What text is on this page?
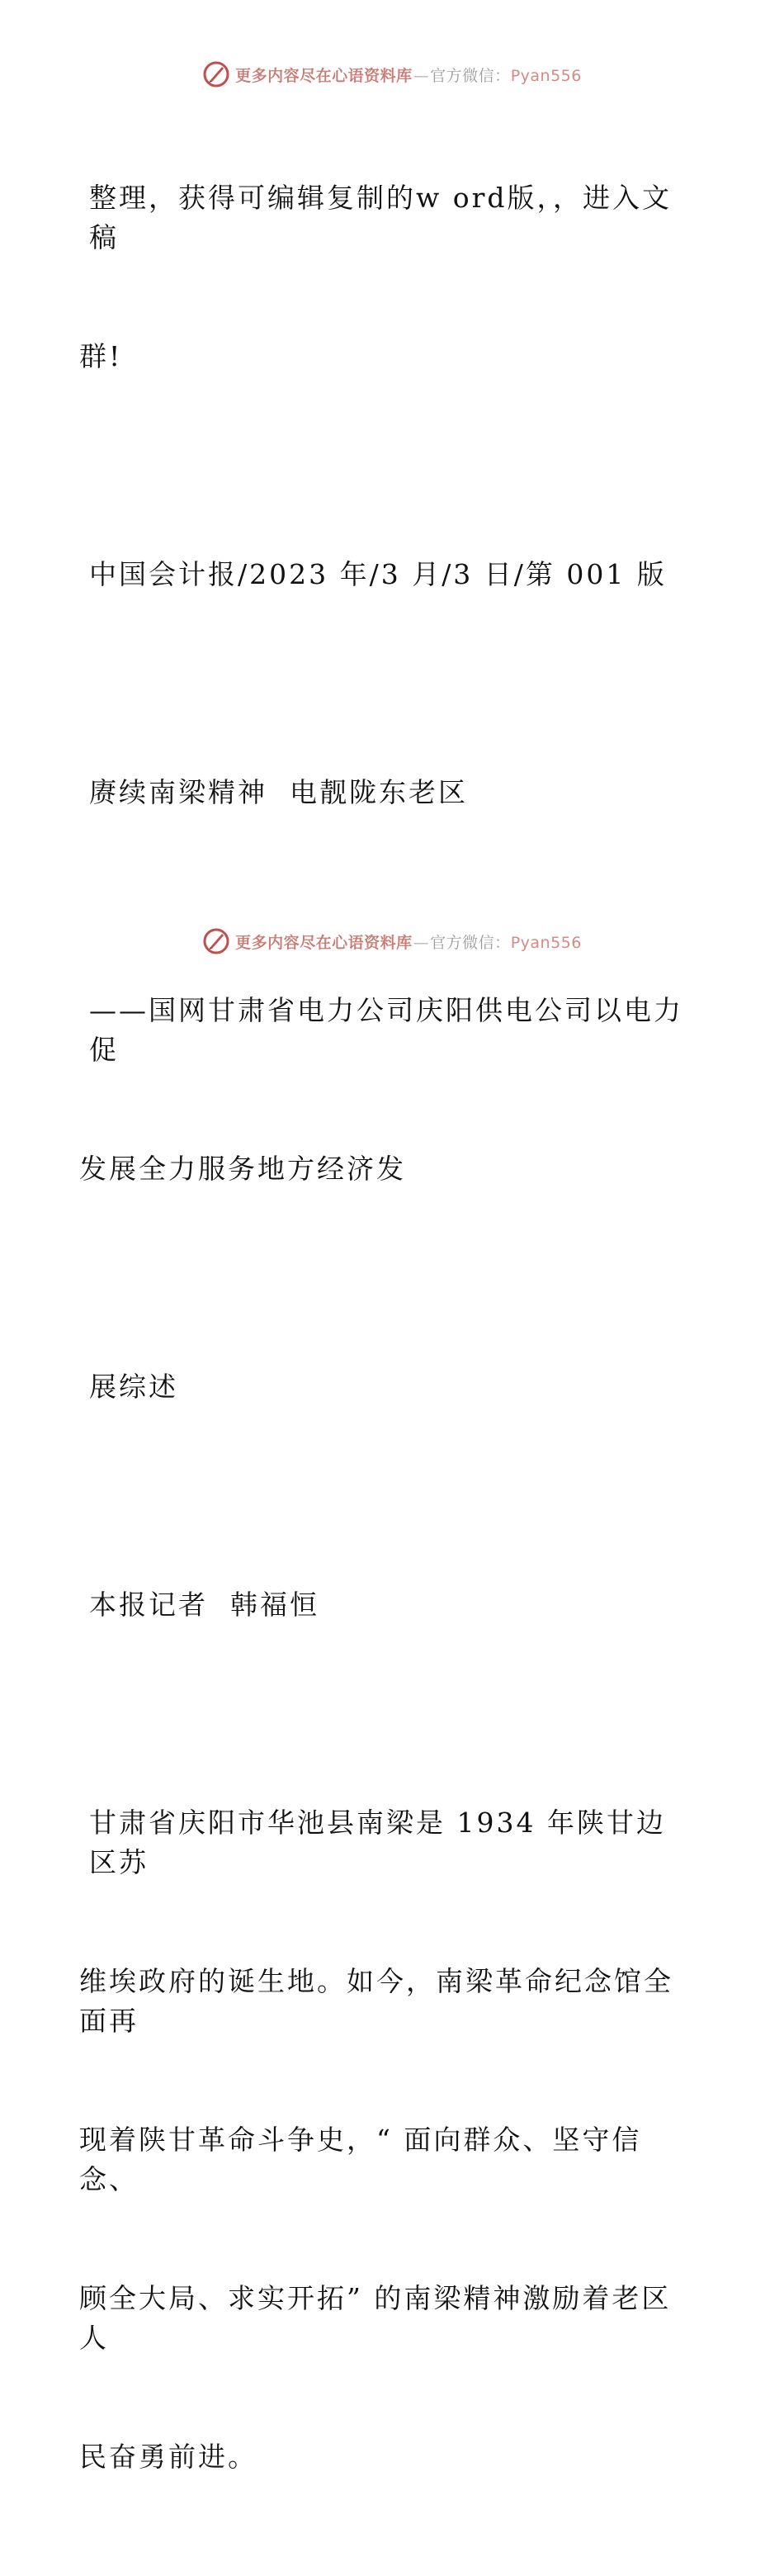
更多内容尽在心语资料库—官方微信：Pyan556

整理，获得可编辑复制的w ord版，，进入文稿

群!

中国会计报/2023 年/3 月/3 日/第 001 版

赓续南梁精神  电靓陇东老区

——国网甘肃省电力公司庆阳供电公司以电力促

发展全力服务地方经济发

展综述

本报记者  韩福恒

甘肃省庆阳市华池县南梁是 1934 年陕甘边区苏

维埃政府的诞生地。如今，南梁革命纪念馆全面再

现着陕甘革命斗争史，“ 面向群众、坚守信念、

顾全大局、求实开拓” 的南梁精神激励着老区人

民奋勇前进。

更多内容尽在心语资料库—官方微信：Pyan556
